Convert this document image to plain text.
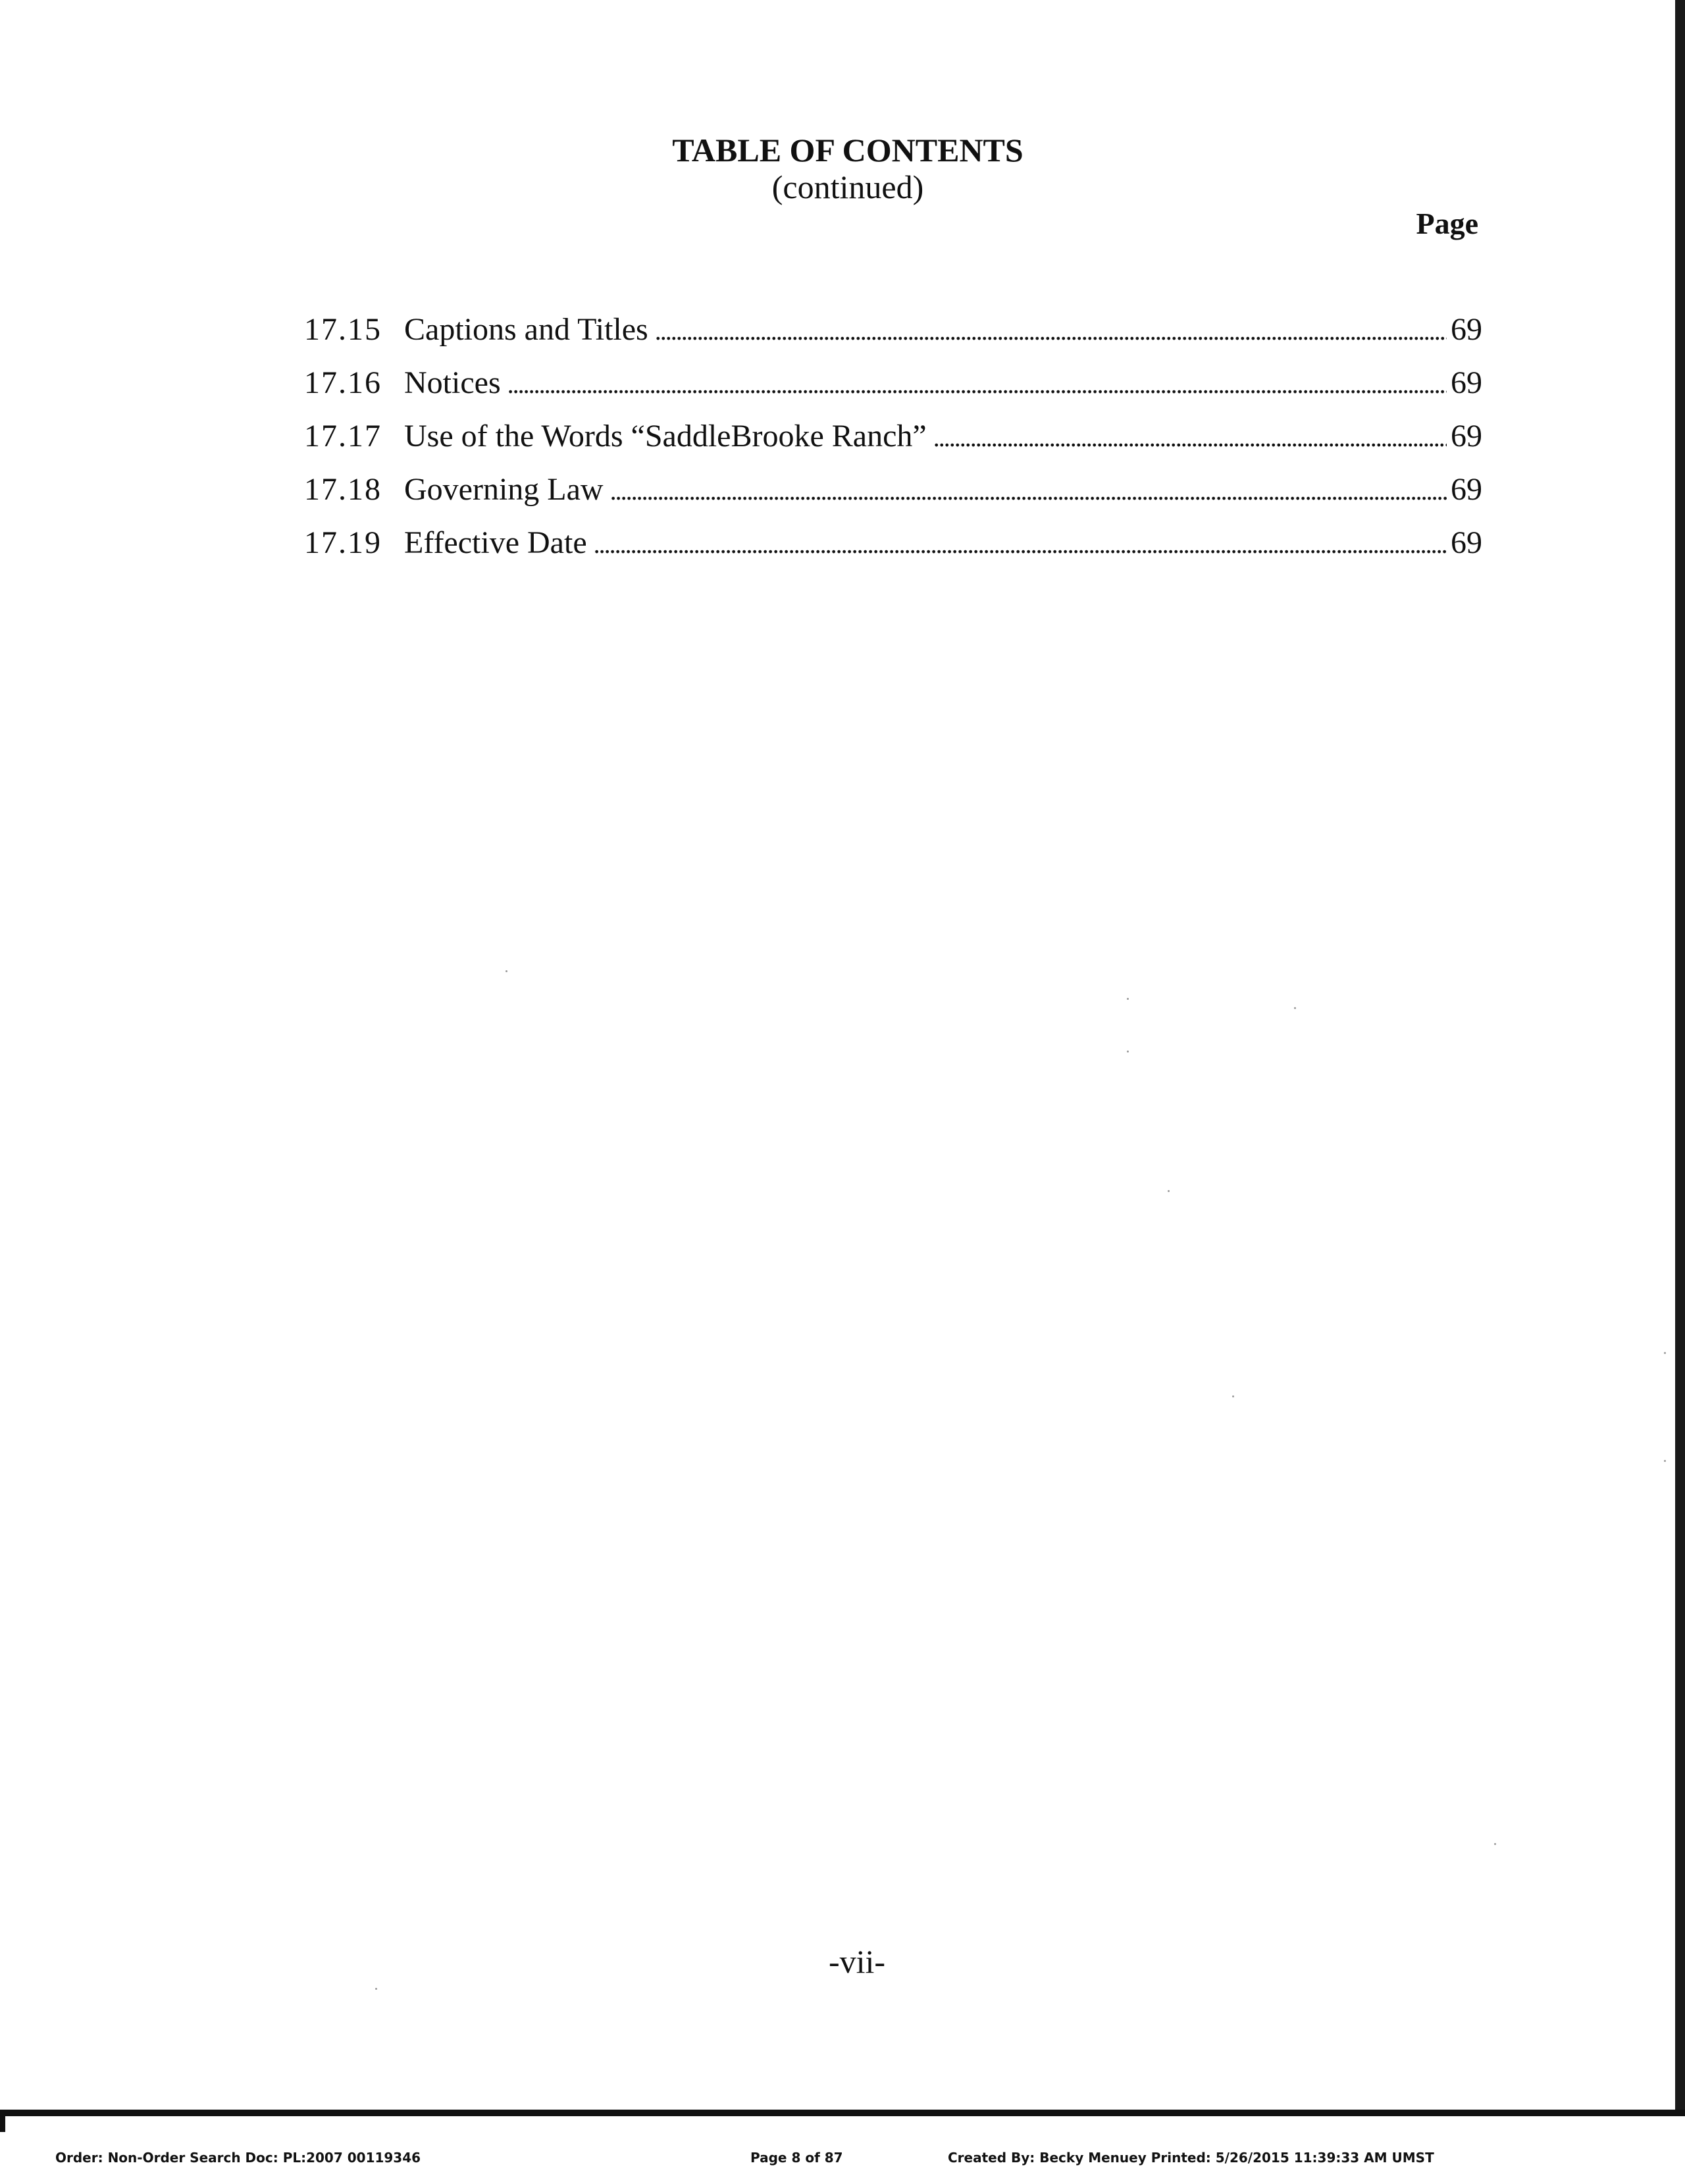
TABLE OF CONTENTS
(continued)
Page
17.15 Captions and Titles . . .	69
17.16 Notices . . .	69
17.17 Use of the Words “SaddleBrooke Ranch” . . .	69
17.18 Governing Law . . .	69
17.19 Effective Date . . .	69
-vii-
Order: Non-Order Search Doc: PL:2007 00119346	Page 8 of 87	Created By: Becky Menuey Printed: 5/26/2015 11:39:33 AM UMST
